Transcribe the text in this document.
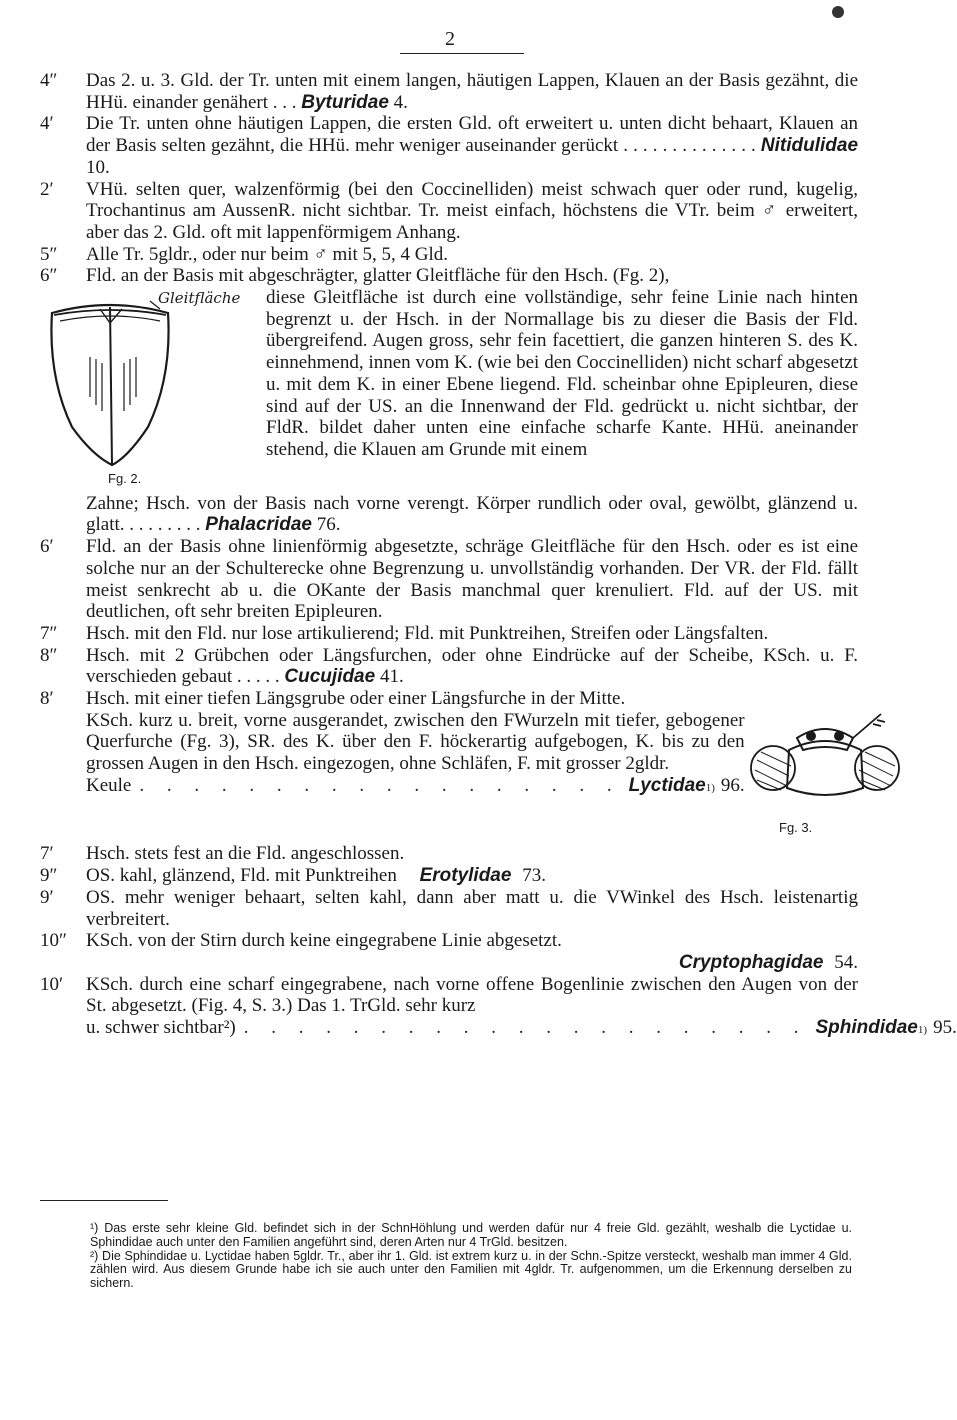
2
4″	Das 2. u. 3. Gld. der Tr. unten mit einem langen, häutigen Lappen, Klauen an der Basis gezähnt, die HHü. einander genähert . . . Byturidae 4.

4′	Die Tr. unten ohne häutigen Lappen, die ersten Gld. oft erweitert u. unten dicht behaart, Klauen an der Basis selten gezähnt, die HHü. mehr weniger auseinander gerückt . . . . . . . . . . . . . . Nitidulidae 10.

2′	VHü. selten quer, walzenförmig (bei den Coccinelliden) meist schwach quer oder rund, kugelig, Trochantinus am AussenR. nicht sichtbar. Tr. meist einfach, höchstens die VTr. beim ♂ erweitert, aber das 2. Gld. oft mit lappenförmigem Anhang.

5″	Alle Tr. 5gldr., oder nur beim ♂ mit 5, 5, 4 Gld.

6″	Fld. an der Basis mit abgeschrägter, glatter Gleitfläche für den Hsch. (Fg. 2),

Gleitfläche
Fg. 2.

diese Gleitfläche ist durch eine vollständige, sehr feine Linie nach hinten begrenzt u. der Hsch. in der Normallage bis zu dieser die Basis der Fld. übergreifend. Augen gross, sehr fein facettiert, die ganzen hinteren S. des K. einnehmend, innen vom K. (wie bei den Coccinelliden) nicht scharf abgesetzt u. mit dem K. in einer Ebene liegend. Fld. scheinbar ohne Epipleuren, diese sind auf der US. an die Innenwand der Fld. gedrückt u. nicht sichtbar, der FldR. bildet daher unten eine einfache scharfe Kante. HHü. aneinander stehend, die Klauen am Grunde mit einem

Zahne; Hsch. von der Basis nach vorne verengt. Körper rundlich oder oval, gewölbt, glänzend u. glatt. . . . . . . . . Phalacridae 76.

6′	Fld. an der Basis ohne linienförmig abgesetzte, schräge Gleitfläche für den Hsch. oder es ist eine solche nur an der Schulterecke ohne Begrenzung u. unvollständig vorhanden. Der VR. der Fld. fällt meist senkrecht ab u. die OKante der Basis manchmal quer krenuliert. Fld. auf der US. mit deutlichen, oft sehr breiten Epipleuren.

7″	Hsch. mit den Fld. nur lose artikulierend; Fld. mit Punktreihen, Streifen oder Längsfalten.

8″	Hsch. mit 2 Grübchen oder Längsfurchen, oder ohne Eindrücke auf der Scheibe, KSch. u. F. verschieden gebaut . . . . . Cucujidae 41.

8′	Hsch. mit einer tiefen Längsgrube oder einer Längsfurche in der Mitte.

KSch. kurz u. breit, vorne ausgerandet, zwischen den FWurzeln mit tiefer, gebogener Querfurche (Fg. 3), SR. des K. über den F. höckerartig aufgebogen, K. bis zu den grossen Augen in den Hsch. eingezogen, ohne Schläfen, F. mit grosser 2gldr.

Keule . . . . . . . . . . . . . . . . . . Lyctidae 1) 96.
Fg. 3.
7′	Hsch. stets fest an die Fld. angeschlossen.

9″	OS. kahl, glänzend, Fld. mit Punktreihen Erotylidae 73.

9′	OS. mehr weniger behaart, selten kahl, dann aber matt u. die VWinkel des Hsch. leistenartig verbreitert.

10″	KSch. von der Stirn durch keine eingegrabene Linie abgesetzt.

Cryptophagidae 54.
10′	KSch. durch eine scharf eingegrabene, nach vorne offene Bogenlinie zwischen den Augen von der St. abgesetzt. (Fig. 4, S. 3.) Das 1. TrGld. sehr kurz

u. schwer sichtbar²) . . . . . . . . . . . . . . . . . . . . . Sphindidae 1) 95.

¹) Das erste sehr kleine Gld. befindet sich in der SchnHöhlung und werden dafür nur 4 freie Gld. gezählt, weshalb die Lyctidae u. Sphindidae auch unter den Familien angeführt sind, deren Arten nur 4 TrGld. besitzen.

²) Die Sphindidae u. Lyctidae haben 5gldr. Tr., aber ihr 1. Gld. ist extrem kurz u. in der Schn.-Spitze versteckt, weshalb man immer 4 Gld. zählen wird. Aus diesem Grunde habe ich sie auch unter den Familien mit 4gldr. Tr. aufgenommen, um die Erkennung derselben zu sichern.
